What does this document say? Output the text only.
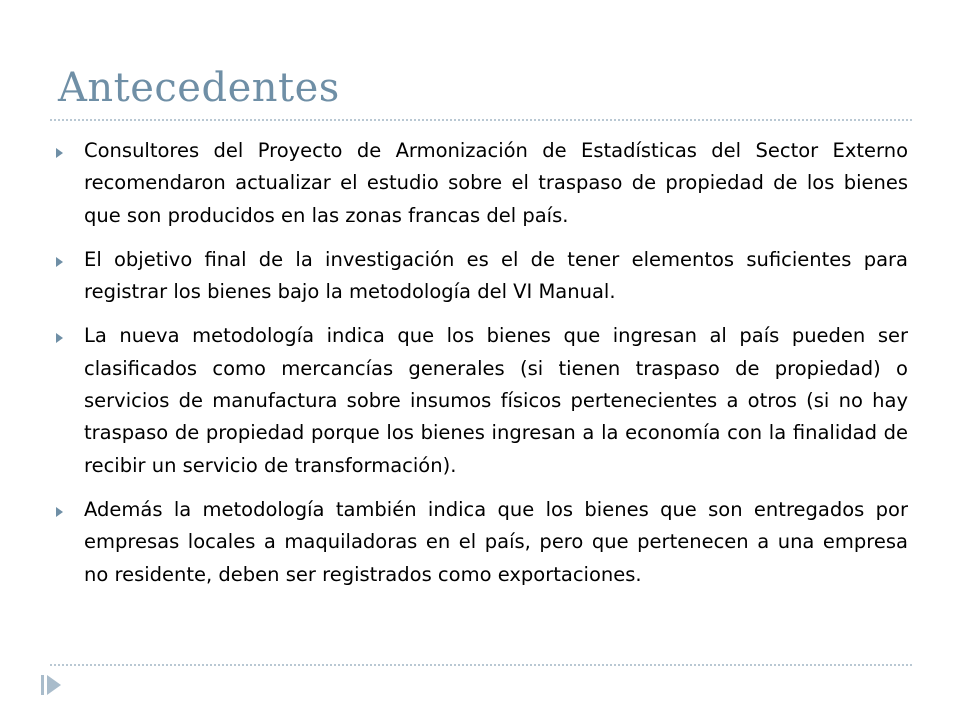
Antecedentes
Consultores del Proyecto de Armonización de Estadísticas del Sector Externo recomendaron actualizar el estudio sobre el traspaso de propiedad de los bienes que son producidos en las zonas francas del país.
El objetivo final de la investigación es el de tener elementos suficientes para registrar los bienes bajo la metodología del VI Manual.
La nueva metodología indica que los bienes que ingresan al país pueden ser clasificados como mercancías generales (si tienen traspaso de propiedad) o servicios de manufactura sobre insumos físicos pertenecientes a otros (si no hay traspaso de propiedad porque los bienes ingresan a la economía con la finalidad de recibir un servicio de transformación).
Además la metodología también indica que los bienes que son entregados por empresas locales a maquiladoras en el país, pero que pertenecen a una empresa no residente, deben ser registrados como exportaciones.
